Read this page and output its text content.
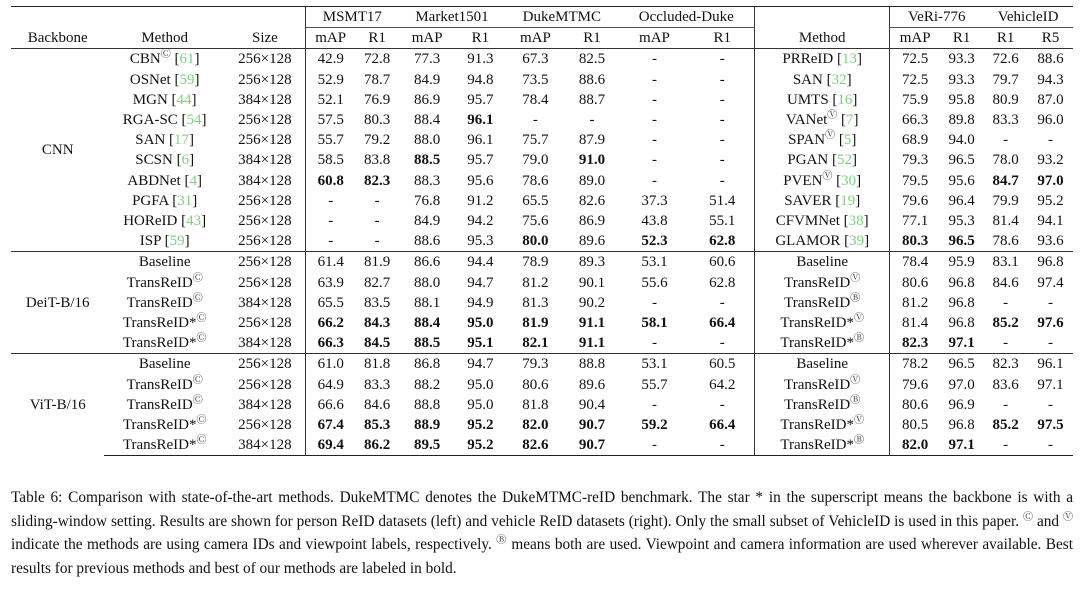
			MSMT17		Market1501		DukeMTMC		Occluded-Duke			VeRi-776		VehicleID	
Backbone	Method	Size	mAP	R1	mAP	R1	mAP	R1	mAP	R1	Method	mAP	R1	R1	R5
CNN	CBNⒸ [61]	256×128	42.9	72.8	77.3	91.3	67.3	82.5	-	-	PRReID [13]	72.5	93.3	72.6	88.6
	OSNet [59]	256×128	52.9	78.7	84.9	94.8	73.5	88.6	-	-	SAN [32]	72.5	93.3	79.7	94.3
	MGN [44]	384×128	52.1	76.9	86.9	95.7	78.4	88.7	-	-	UMTS [16]	75.9	95.8	80.9	87.0
	RGA-SC [54]	256×128	57.5	80.3	88.4	96.1	-	-	-	-	VANetⓋ [7]	66.3	89.8	83.3	96.0
	SAN [17]	256×128	55.7	79.2	88.0	96.1	75.7	87.9	-	-	SPANⓋ [5]	68.9	94.0	-	-
	SCSN [6]	384×128	58.5	83.8	88.5	95.7	79.0	91.0	-	-	PGAN [52]	79.3	96.5	78.0	93.2
	ABDNet [4]	384×128	60.8	82.3	88.3	95.6	78.6	89.0	-	-	PVENⓋ [30]	79.5	95.6	84.7	97.0
	PGFA [31]	256×128	-	-	76.8	91.2	65.5	82.6	37.3	51.4	SAVER [19]	79.6	96.4	79.9	95.2
	HOReID [43]	256×128	-	-	84.9	94.2	75.6	86.9	43.8	55.1	CFVMNet [38]	77.1	95.3	81.4	94.1
	ISP [59]	256×128	-	-	88.6	95.3	80.0	89.6	52.3	62.8	GLAMOR [39]	80.3	96.5	78.6	93.6
DeiT-B/16	Baseline	256×128	61.4	81.9	86.6	94.4	78.9	89.3	53.1	60.6	Baseline	78.4	95.9	83.1	96.8
	TransReIDⒸ	256×128	63.9	82.7	88.0	94.7	81.2	90.1	55.6	62.8	TransReIDⓋ	80.6	96.8	84.6	97.4
	TransReIDⒸ	384×128	65.5	83.5	88.1	94.9	81.3	90.2	-	-	TransReIDⒷ	81.2	96.8	-	-
	TransReID*Ⓒ	256×128	66.2	84.3	88.4	95.0	81.9	91.1	58.1	66.4	TransReID*Ⓥ	81.4	96.8	85.2	97.6
	TransReID*Ⓒ	384×128	66.3	84.5	88.5	95.1	82.1	91.1	-	-	TransReID*Ⓑ	82.3	97.1	-	-
ViT-B/16	Baseline	256×128	61.0	81.8	86.8	94.7	79.3	88.8	53.1	60.5	Baseline	78.2	96.5	82.3	96.1
	TransReIDⒸ	256×128	64.9	83.3	88.2	95.0	80.6	89.6	55.7	64.2	TransReIDⓋ	79.6	97.0	83.6	97.1
	TransReIDⒸ	384×128	66.6	84.6	88.8	95.0	81.8	90.4	-	-	TransReIDⒷ	80.6	96.9	-	-
	TransReID*Ⓒ	256×128	67.4	85.3	88.9	95.2	82.0	90.7	59.2	66.4	TransReID*Ⓥ	80.5	96.8	85.2	97.5
	TransReID*Ⓒ	384×128	69.4	86.2	89.5	95.2	82.6	90.7	-	-	TransReID*Ⓑ	82.0	97.1	-	-
Table 6: Comparison with state-of-the-art methods. DukeMTMC denotes the DukeMTMC-reID benchmark. The star * in the superscript means the backbone is with a sliding-window setting. Results are shown for person ReID datasets (left) and vehicle ReID datasets (right). Only the small subset of VehicleID is used in this paper. Ⓒ and Ⓥ indicate the methods are using camera IDs and viewpoint labels, respectively. Ⓑ means both are used. Viewpoint and camera information are used wherever available. Best results for previous methods and best of our methods are labeled in bold.
